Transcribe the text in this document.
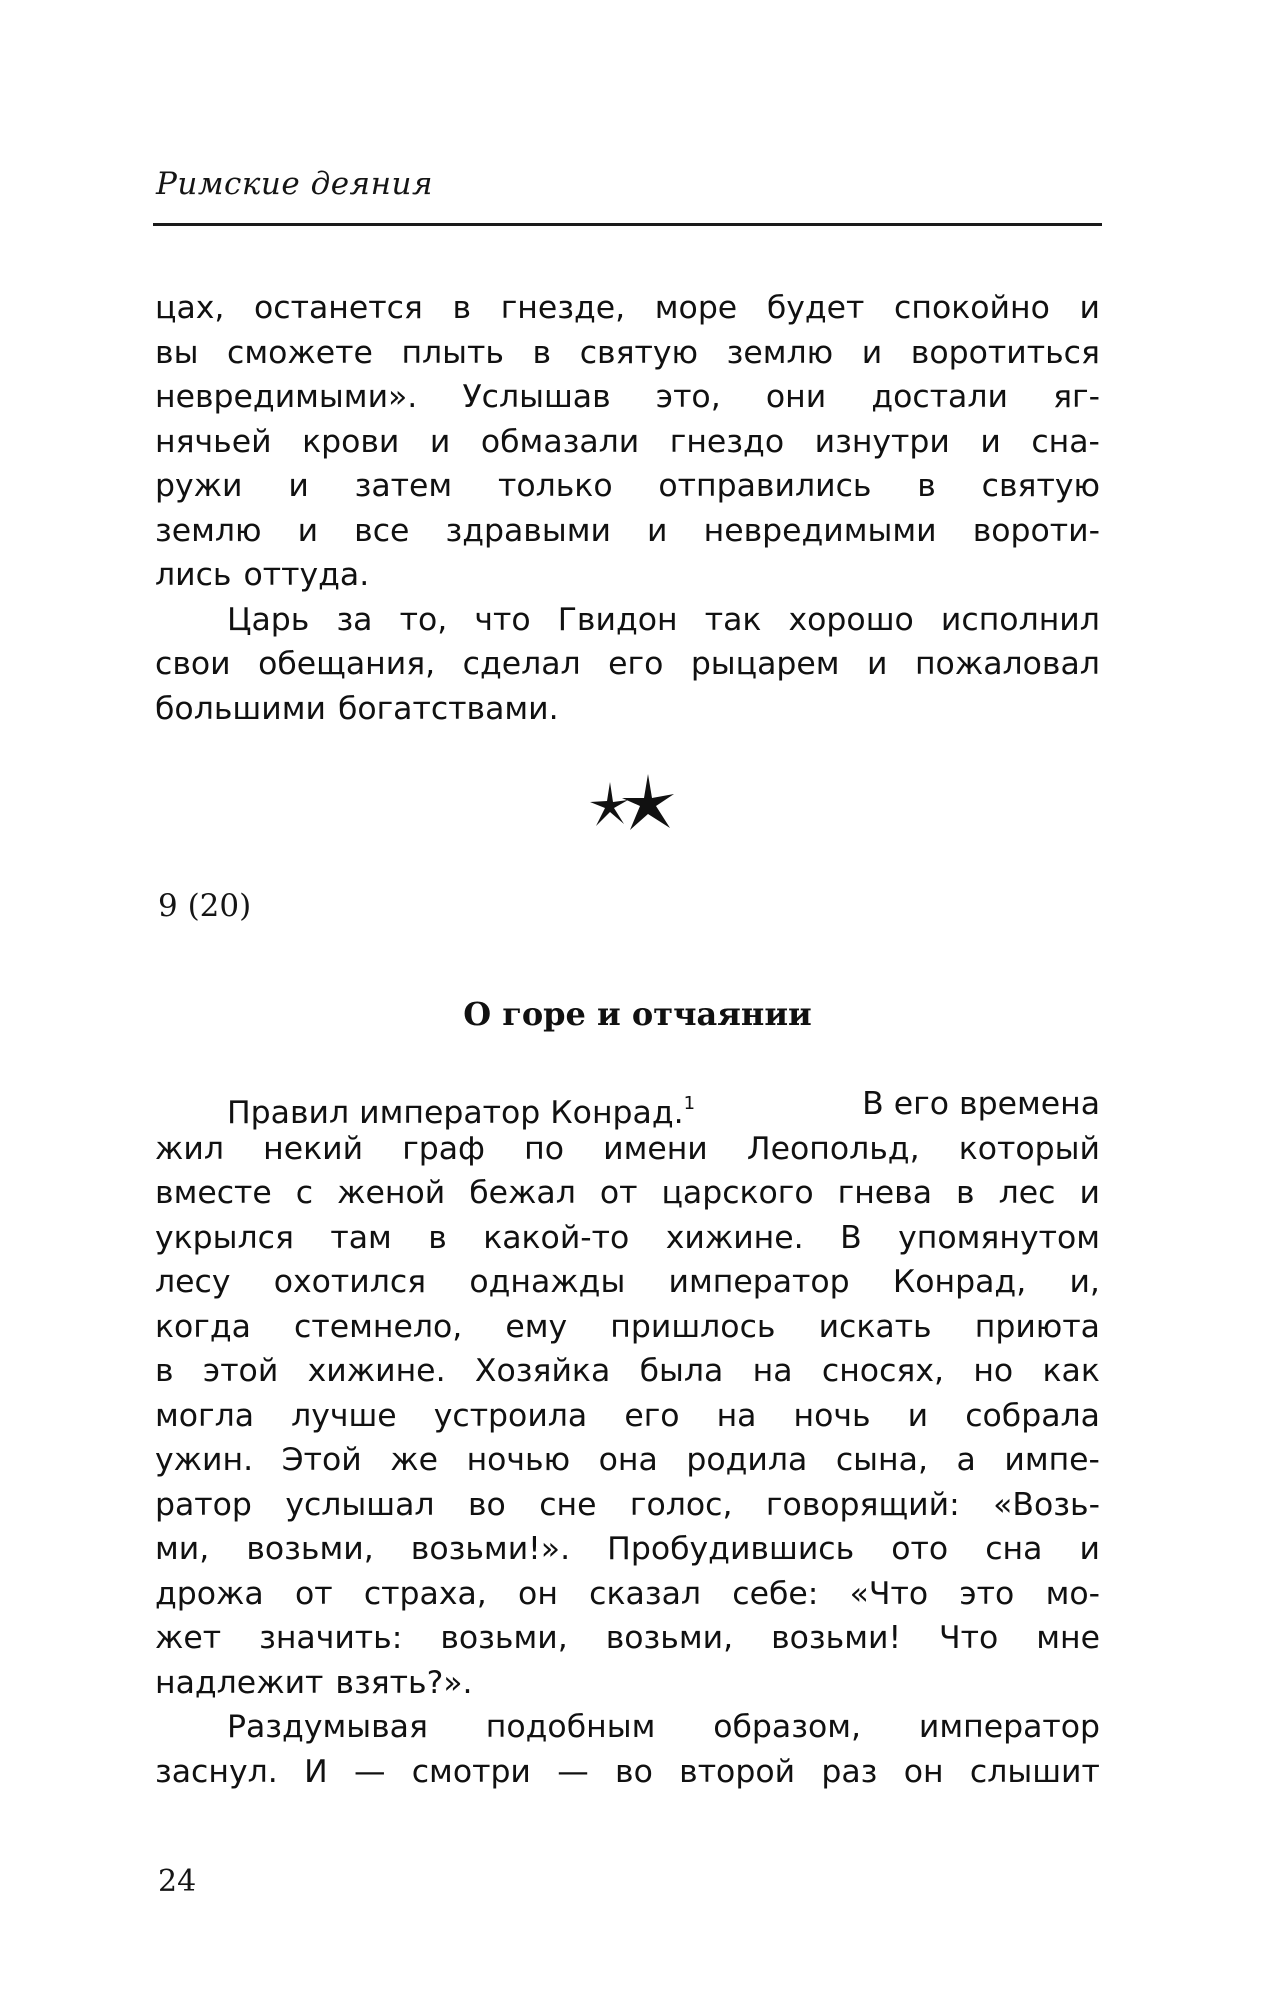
Римские деяния
цах, останется в гнезде, море будет спокойно и
вы сможете плыть в святую землю и воротиться
невредимыми». Услышав это, они достали яг-
нячьей крови и обмазали гнездо изнутри и сна-
ружи и затем только отправились в святую
землю и все здравыми и невредимыми вороти-
лись оттуда.
Царь за то, что Гвидон так хорошо исполнил
свои обещания, сделал его рыцарем и пожаловал
большими богатствами.
9 (20)
О горе и отчаянии
Правил император Конрад.1	В его времена
жил некий граф по имени Леопольд, который
вместе с женой бежал от царского гнева в лес и
укрылся там в какой-то хижине. В упомянутом
лесу охотился однажды император Конрад, и,
когда стемнело, ему пришлось искать приюта
в этой хижине. Хозяйка была на сносях, но как
могла лучше устроила его на ночь и собрала
ужин. Этой же ночью она родила сына, а импе-
ратор услышал во сне голос, говорящий: «Возь-
ми, возьми, возьми!». Пробудившись ото сна и
дрожа от страха, он сказал себе: «Что это мо-
жет значить: возьми, возьми, возьми! Что мне
надлежит взять?».
Раздумывая подобным образом, император
заснул. И — смотри — во второй раз он слышит
24
